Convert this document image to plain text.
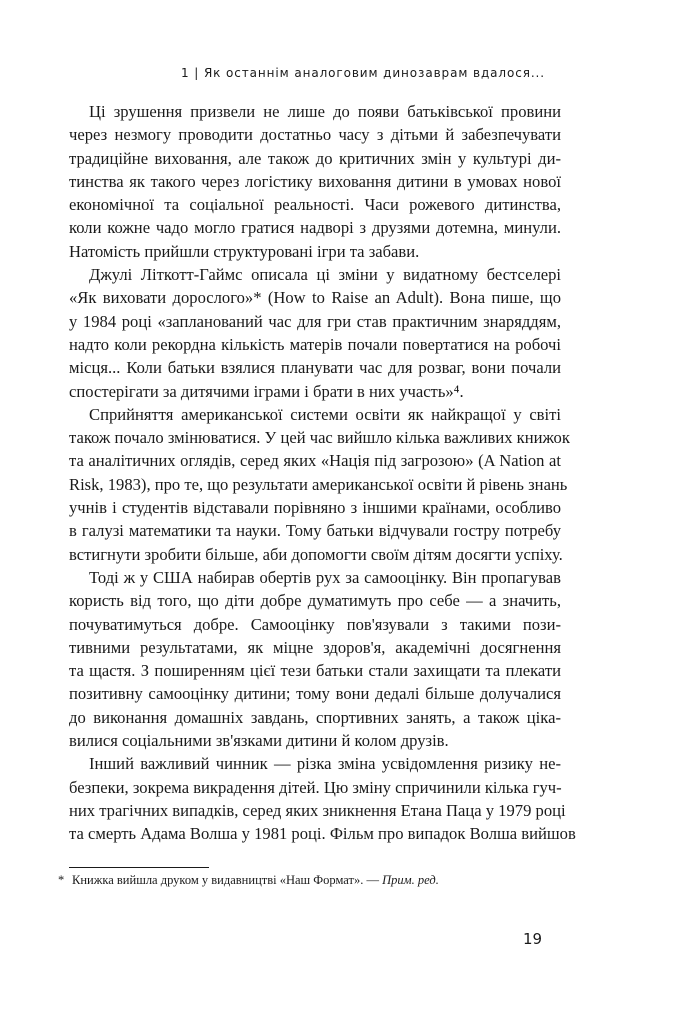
1 | Як останнім аналоговим динозаврам вдалося...
Ці зрушення призвели не лише до появи батьківської провини
через незмогу проводити достатньо часу з дітьми й забезпечувати
традиційне виховання, але також до критичних змін у культурі ди-
тинства як такого через логістику виховання дитини в умовах нової
економічної та соціальної реальності. Часи рожевого дитинства,
коли кожне чадо могло гратися надворі з друзями дотемна, минули.
Натомість прийшли структуровані ігри та забави.
Джулі Літкотт-Гаймс описала ці зміни у видатному бестселері
«Як виховати дорослого»* (How to Raise an Adult). Вона пише, що
у 1984 році «запланований час для гри став практичним знаряддям,
надто коли рекордна кількість матерів почали повертатися на робочі
місця... Коли батьки взялися планувати час для розваг, вони почали
спостерігати за дитячими іграми і брати в них участь»⁴.
Сприйняття американської системи освіти як найкращої у світі
також почало змінюватися. У цей час вийшло кілька важливих книжок
та аналітичних оглядів, серед яких «Нація під загрозою» (A Nation at
Risk, 1983), про те, що результати американської освіти й рівень знань
учнів і студентів відставали порівняно з іншими країнами, особливо
в галузі математики та науки. Тому батьки відчували гостру потребу
встигнути зробити більше, аби допомогти своїм дітям досягти успіху.
Тоді ж у США набирав обертів рух за самооцінку. Він пропагував
користь від того, що діти добре думатимуть про себе — а значить,
почуватимуться добре. Самооцінку пов'язували з такими пози-
тивними результатами, як міцне здоров'я, академічні досягнення
та щастя. З поширенням цієї тези батьки стали захищати та плекати
позитивну самооцінку дитини; тому вони дедалі більше долучалися
до виконання домашніх завдань, спортивних занять, а також ціка-
вилися соціальними зв'язками дитини й колом друзів.
Інший важливий чинник — різка зміна усвідомлення ризику не-
безпеки, зокрема викрадення дітей. Цю зміну спричинили кілька гуч-
них трагічних випадків, серед яких зникнення Етана Паца у 1979 році
та смерть Адама Волша у 1981 році. Фільм про випадок Волша вийшов
* Книжка вийшла друком у видавництві «Наш Формат». — Прим. ред.
19
